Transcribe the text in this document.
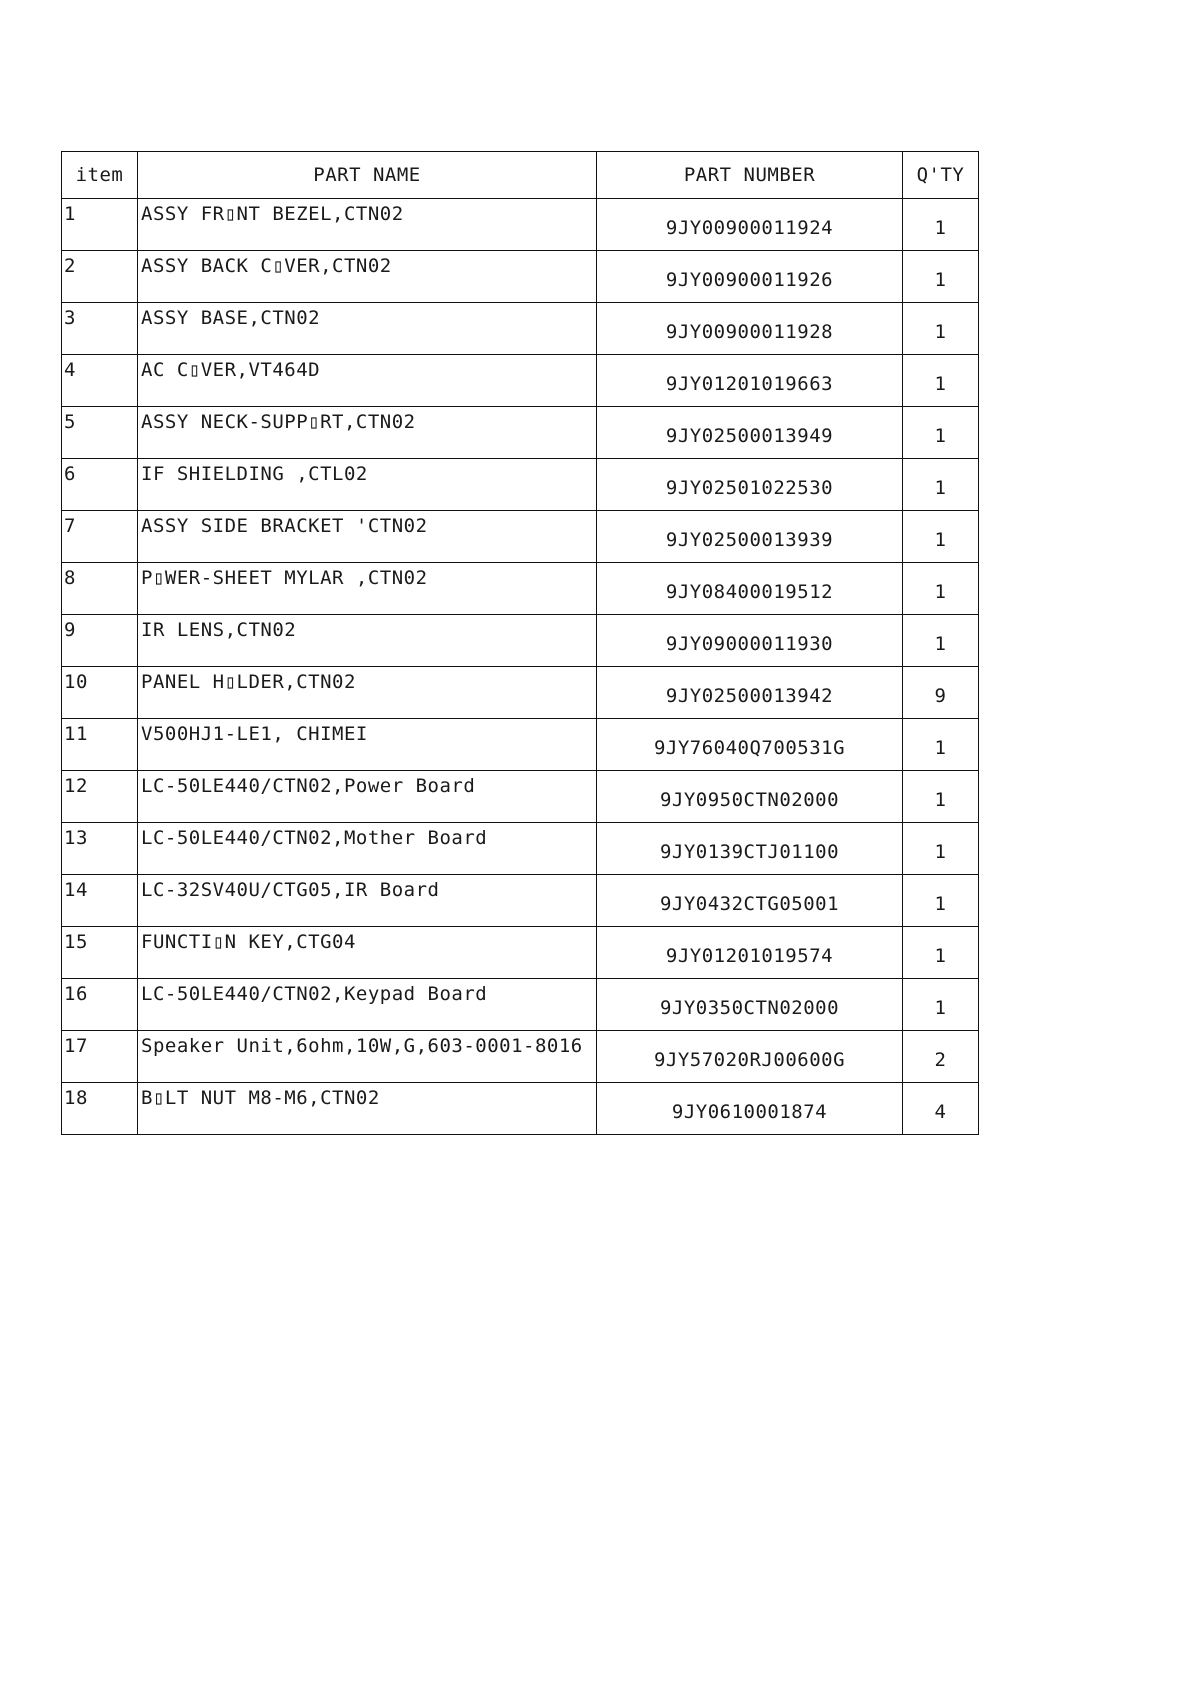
item	PART NAME	PART NUMBER	Q'TY
1	ASSY FR▯NT BEZEL,CTN02	9JY00900011924	1
2	ASSY BACK C▯VER,CTN02	9JY00900011926	1
3	ASSY BASE,CTN02	9JY00900011928	1
4	AC C▯VER,VT464D	9JY01201019663	1
5	ASSY NECK-SUPP▯RT,CTN02	9JY02500013949	1
6	IF SHIELDING ,CTL02	9JY02501022530	1
7	ASSY SIDE BRACKET 'CTN02	9JY02500013939	1
8	P▯WER-SHEET MYLAR ,CTN02	9JY08400019512	1
9	IR LENS,CTN02	9JY09000011930	1
10	PANEL H▯LDER,CTN02	9JY02500013942	9
11	V500HJ1-LE1, CHIMEI	9JY76040Q700531G	1
12	LC-50LE440/CTN02,Power Board	9JY0950CTN02000	1
13	LC-50LE440/CTN02,Mother Board	9JY0139CTJ01100	1
14	LC-32SV40U/CTG05,IR Board	9JY0432CTG05001	1
15	FUNCTI▯N KEY,CTG04	9JY01201019574	1
16	LC-50LE440/CTN02,Keypad Board	9JY0350CTN02000	1
17	Speaker Unit,6ohm,10W,G,603-0001-8016	9JY57020RJ00600G	2
18	B▯LT NUT M8-M6,CTN02	9JY0610001874	4
